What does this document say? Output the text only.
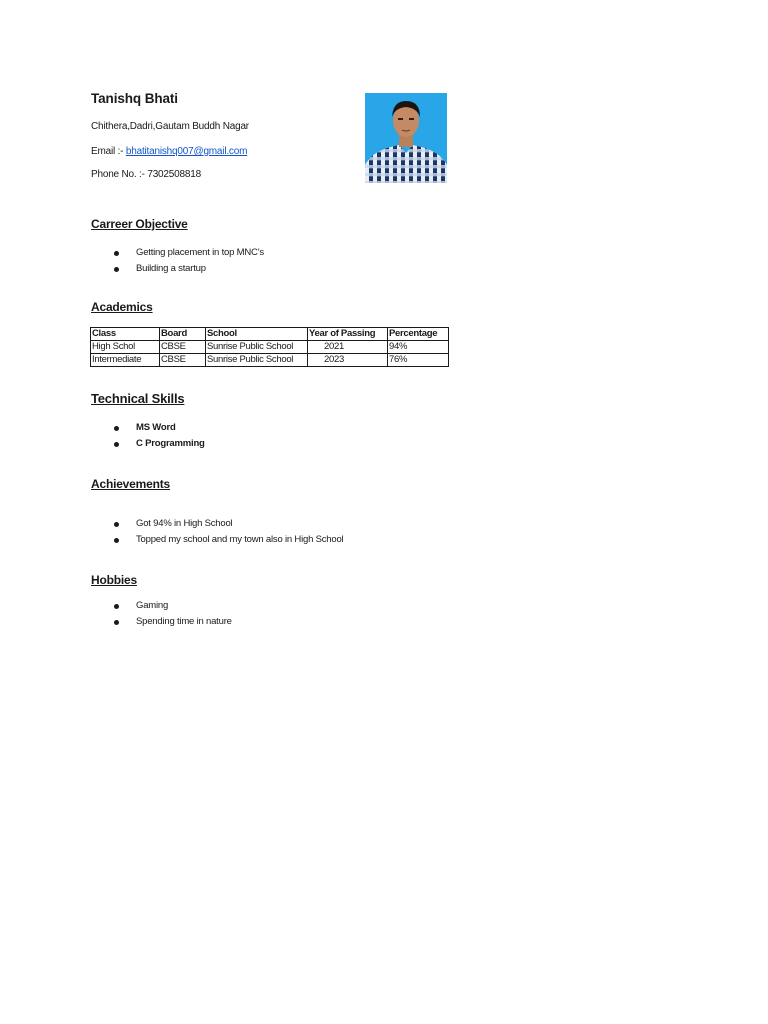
Tanishq Bhati
Chithera,Dadri,Gautam Buddh Nagar
Email :- bhatitanishq007@gmail.com
Phone No. :- 7302508818
Carreer Objective
Getting placement in top MNC’s
Building a startup
Academics
Class	Board	School	Year of Passing	Percentage
High Schol	CBSE	Sunrise Public School	2021	94%
Intermediate	CBSE	Sunrise Public School	2023	76%
Technical Skills
MS Word
C Programming
Achievements
Got 94% in High School
Topped my school and my town also in High School
Hobbies
Gaming
Spending time in nature
